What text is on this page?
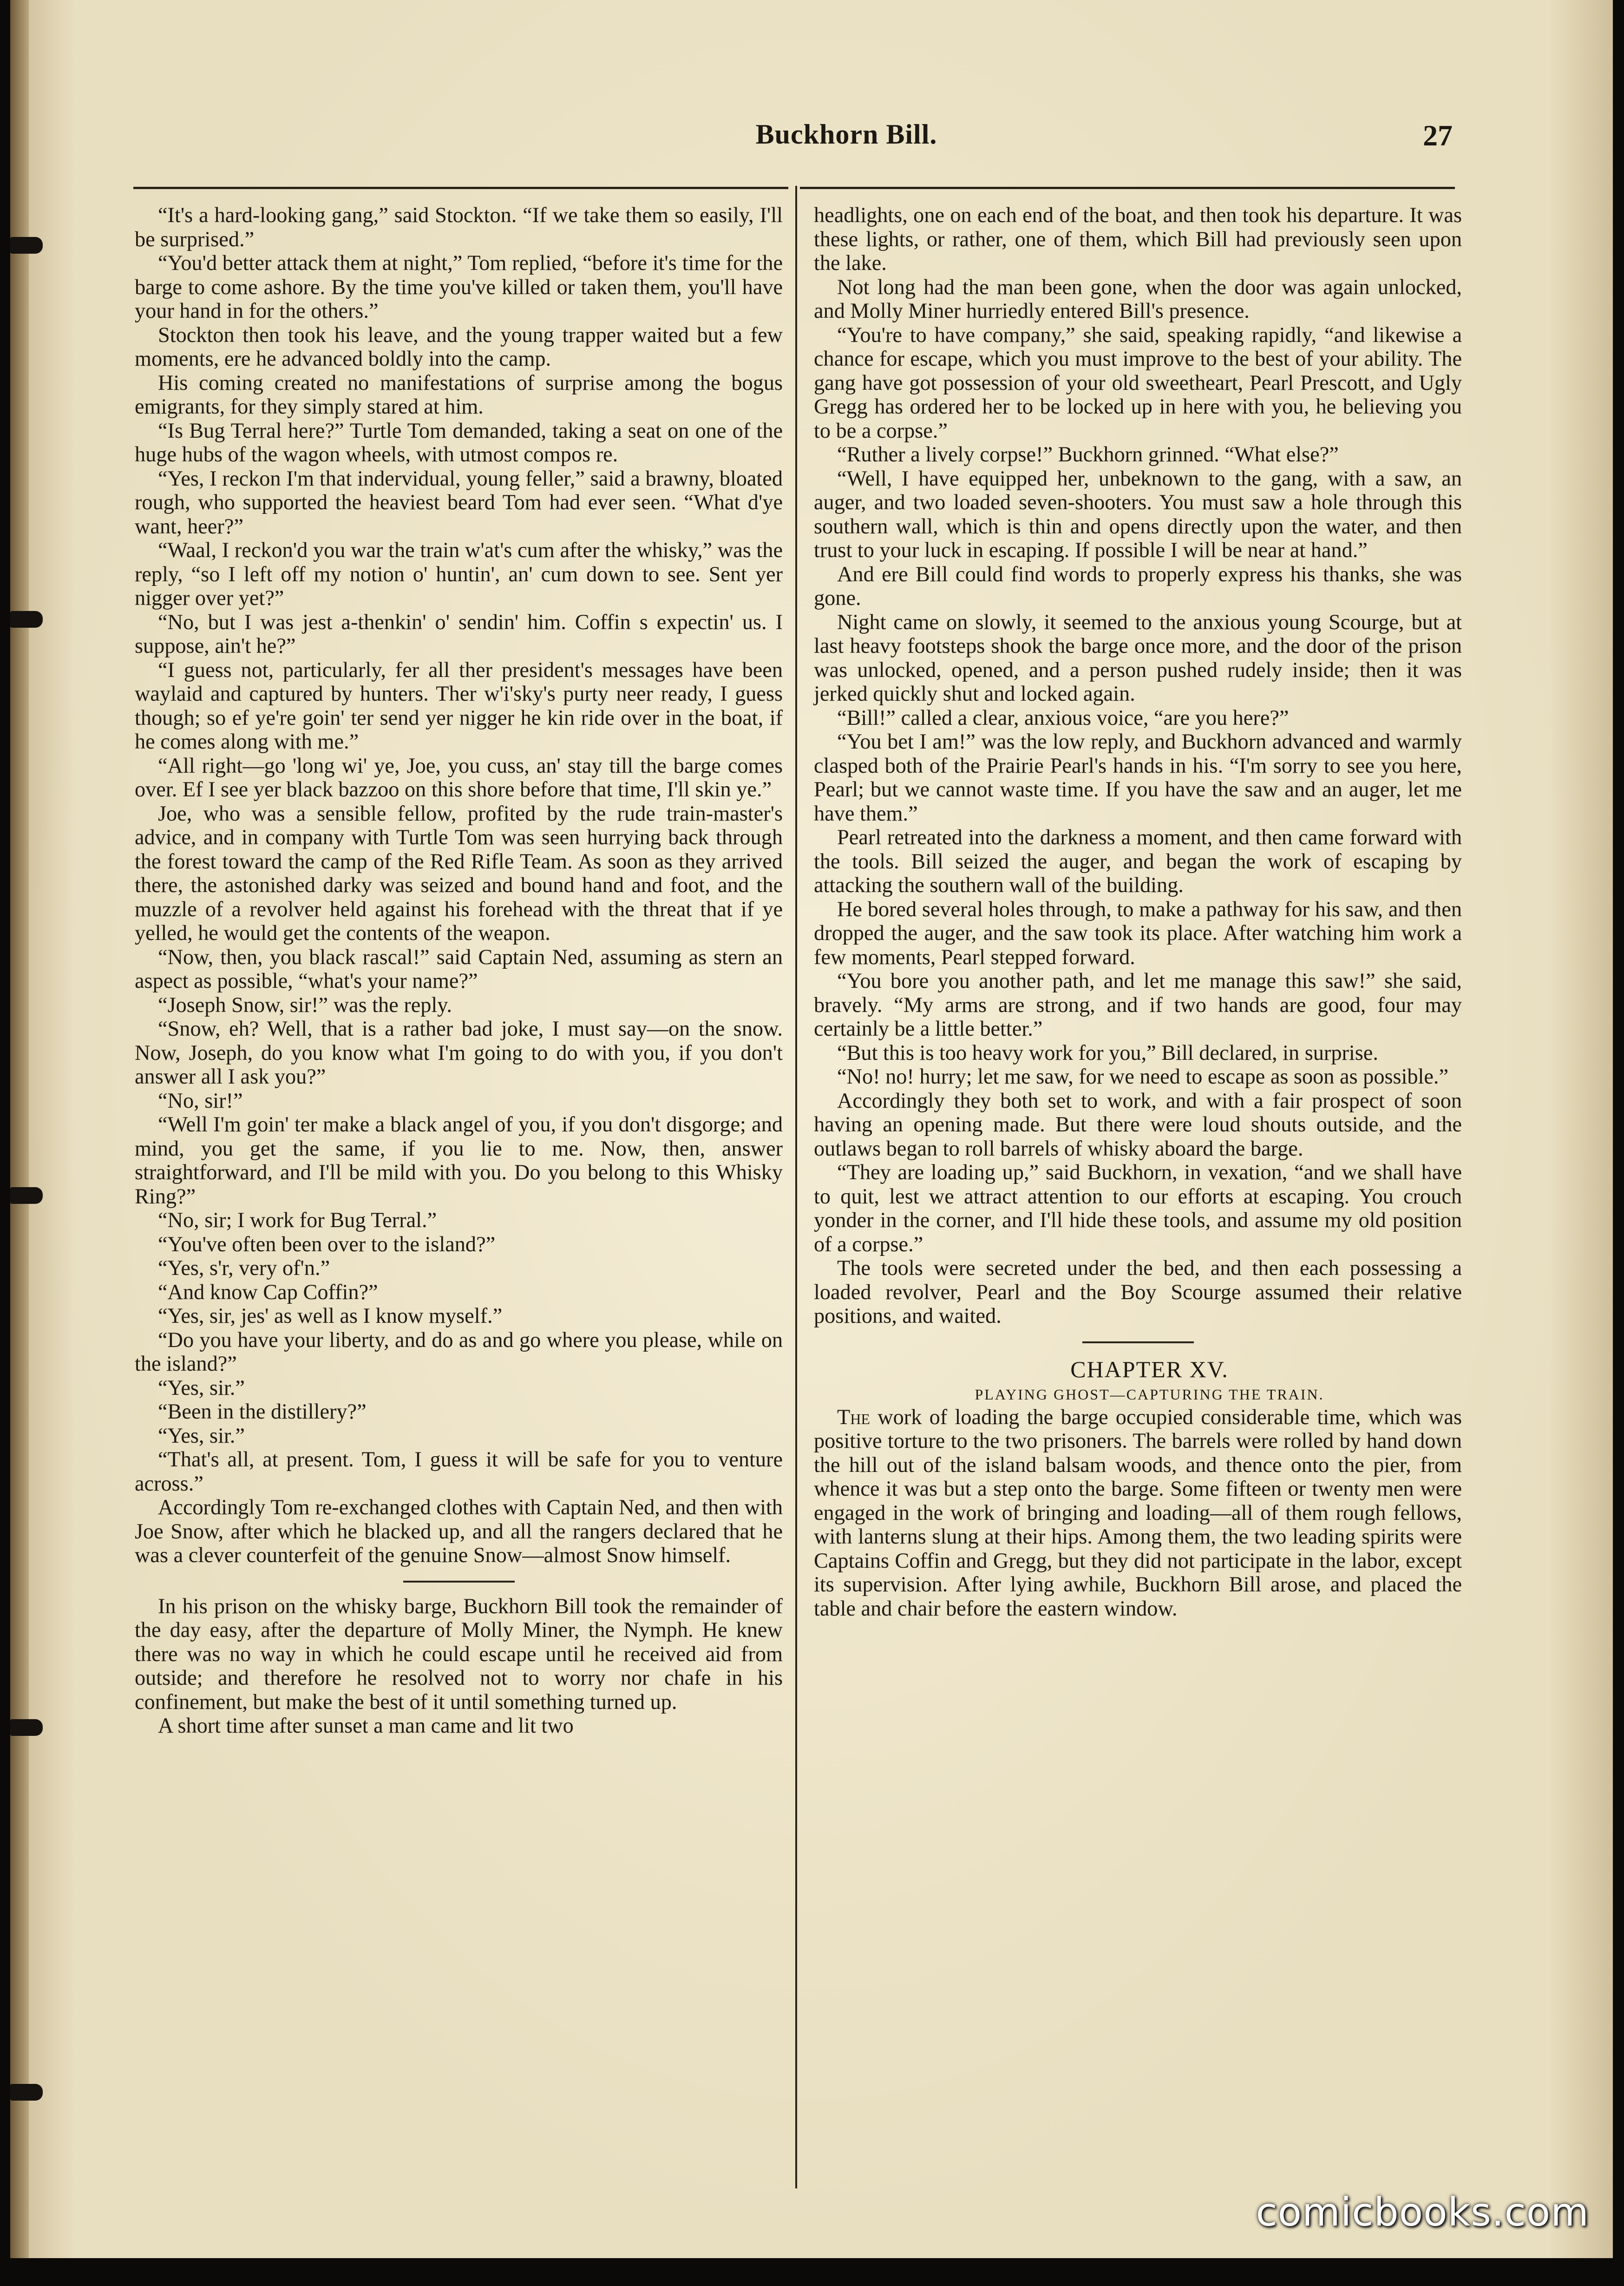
Buckhorn Bill.	27

“It's a hard-looking gang,” said Stockton. “If we take them so easily, I'll be surprised.”

“You'd better attack them at night,” Tom replied, “before it's time for the barge to come ashore. By the time you've killed or taken them, you'll have your hand in for the others.”

Stockton then took his leave, and the young trapper waited but a few moments, ere he advanced boldly into the camp.

His coming created no manifestations of surprise among the bogus emigrants, for they simply stared at him.

“Is Bug Terral here?” Turtle Tom demanded, taking a seat on one of the huge hubs of the wagon wheels, with utmost compos re.

“Yes, I reckon I'm that indervidual, young feller,” said a brawny, bloated rough, who supported the heaviest beard Tom had ever seen. “What d'ye want, heer?”

“Waal, I reckon'd you war the train w'at's cum after the whisky,” was the reply, “so I left off my notion o' huntin', an' cum down to see. Sent yer nigger over yet?”

“No, but I was jest a-thenkin' o' sendin' him. Coffin s expectin' us. I suppose, ain't he?”

“I guess not, particularly, fer all ther president's messages have been waylaid and captured by hunters. Ther w'i'sky's purty neer ready, I guess though; so ef ye're goin' ter send yer nigger he kin ride over in the boat, if he comes along with me.”

“All right—go 'long wi' ye, Joe, you cuss, an' stay till the barge comes over. Ef I see yer black bazzoo on this shore before that time, I'll skin ye.”

Joe, who was a sensible fellow, profited by the rude train-master's advice, and in company with Turtle Tom was seen hurrying back through the forest toward the camp of the Red Rifle Team. As soon as they arrived there, the astonished darky was seized and bound hand and foot, and the muzzle of a revolver held against his forehead with the threat that if ye yelled, he would get the contents of the weapon.

“Now, then, you black rascal!” said Captain Ned, assuming as stern an aspect as possible, “what's your name?”

“Joseph Snow, sir!” was the reply.

“Snow, eh? Well, that is a rather bad joke, I must say—on the snow. Now, Joseph, do you know what I'm going to do with you, if you don't answer all I ask you?”

“No, sir!”

“Well I'm goin' ter make a black angel of you, if you don't disgorge; and mind, you get the same, if you lie to me. Now, then, answer straightforward, and I'll be mild with you. Do you belong to this Whisky Ring?”

“No, sir; I work for Bug Terral.”

“You've often been over to the island?”

“Yes, s'r, very of'n.”

“And know Cap Coffin?”

“Yes, sir, jes' as well as I know myself.”

“Do you have your liberty, and do as and go where you please, while on the island?”

“Yes, sir.”

“Been in the distillery?”

“Yes, sir.”

“That's all, at present. Tom, I guess it will be safe for you to venture across.”

Accordingly Tom re-exchanged clothes with Captain Ned, and then with Joe Snow, after which he blacked up, and all the rangers declared that he was a clever counterfeit of the genuine Snow—almost Snow himself.

In his prison on the whisky barge, Buckhorn Bill took the remainder of the day easy, after the departure of Molly Miner, the Nymph. He knew there was no way in which he could escape until he received aid from outside; and therefore he resolved not to worry nor chafe in his confinement, but make the best of it until something turned up.

A short time after sunset a man came and lit two

headlights, one on each end of the boat, and then took his departure. It was these lights, or rather, one of them, which Bill had previously seen upon the lake.

Not long had the man been gone, when the door was again unlocked, and Molly Miner hurriedly entered Bill's presence.

“You're to have company,” she said, speaking rapidly, “and likewise a chance for escape, which you must improve to the best of your ability. The gang have got possession of your old sweetheart, Pearl Prescott, and Ugly Gregg has ordered her to be locked up in here with you, he believing you to be a corpse.”

“Ruther a lively corpse!” Buckhorn grinned. “What else?”

“Well, I have equipped her, unbeknown to the gang, with a saw, an auger, and two loaded seven-shooters. You must saw a hole through this southern wall, which is thin and opens directly upon the water, and then trust to your luck in escaping. If possible I will be near at hand.”

And ere Bill could find words to properly express his thanks, she was gone.

Night came on slowly, it seemed to the anxious young Scourge, but at last heavy footsteps shook the barge once more, and the door of the prison was unlocked, opened, and a person pushed rudely inside; then it was jerked quickly shut and locked again.

“Bill!” called a clear, anxious voice, “are you here?”

“You bet I am!” was the low reply, and Buckhorn advanced and warmly clasped both of the Prairie Pearl's hands in his. “I'm sorry to see you here, Pearl; but we cannot waste time. If you have the saw and an auger, let me have them.”

Pearl retreated into the darkness a moment, and then came forward with the tools. Bill seized the auger, and began the work of escaping by attacking the southern wall of the building.

He bored several holes through, to make a pathway for his saw, and then dropped the auger, and the saw took its place. After watching him work a few moments, Pearl stepped forward.

“You bore you another path, and let me manage this saw!” she said, bravely. “My arms are strong, and if two hands are good, four may certainly be a little better.”

“But this is too heavy work for you,” Bill declared, in surprise.

“No! no! hurry; let me saw, for we need to escape as soon as possible.”

Accordingly they both set to work, and with a fair prospect of soon having an opening made. But there were loud shouts outside, and the outlaws began to roll barrels of whisky aboard the barge.

“They are loading up,” said Buckhorn, in vexation, “and we shall have to quit, lest we attract attention to our efforts at escaping. You crouch yonder in the corner, and I'll hide these tools, and assume my old position of a corpse.”

The tools were secreted under the bed, and then each possessing a loaded revolver, Pearl and the Boy Scourge assumed their relative positions, and waited.

CHAPTER XV.

PLAYING GHOST—CAPTURING THE TRAIN.

The work of loading the barge occupied considerable time, which was positive torture to the two prisoners. The barrels were rolled by hand down the hill out of the island balsam woods, and thence onto the pier, from whence it was but a step onto the barge. Some fifteen or twenty men were engaged in the work of bringing and loading—all of them rough fellows, with lanterns slung at their hips. Among them, the two leading spirits were Captains Coffin and Gregg, but they did not participate in the labor, except its supervision. After lying awhile, Buckhorn Bill arose, and placed the table and chair before the eastern window.

comicbooks.com
